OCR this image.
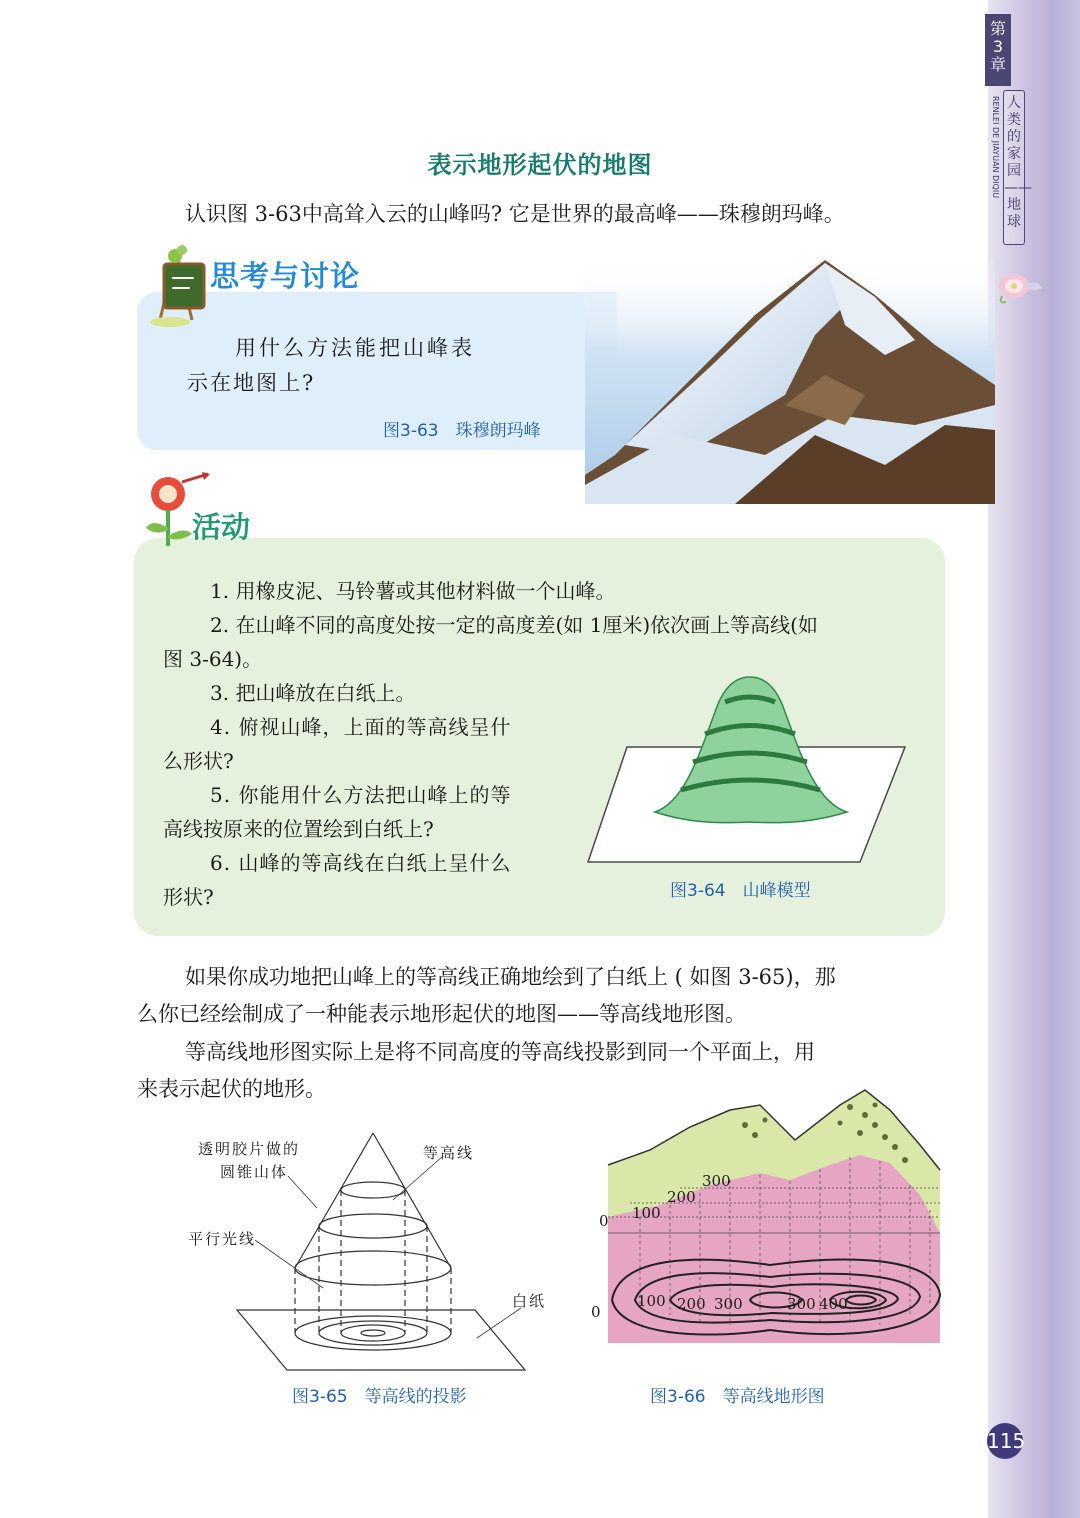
第3章
RENLEI DE JIAYUAN DIQIU 人类的家园——地球
表示地形起伏的地图
认识图 3-63中高耸入云的山峰吗? 它是世界的最高峰——珠穆朗玛峰。
思考与讨论
用什么方法能把山峰表
示在地图上?
图3-63　珠穆朗玛峰
活动
1. 用橡皮泥、马铃薯或其他材料做一个山峰。
2. 在山峰不同的高度处按一定的高度差(如 1厘米)依次画上等高线(如
图 3-64)。
3. 把山峰放在白纸上。
4. 俯视山峰，上面的等高线呈什
么形状?
5. 你能用什么方法把山峰上的等
高线按原来的位置绘到白纸上?
6. 山峰的等高线在白纸上呈什么
形状?	图3-64　山峰模型
如果你成功地把山峰上的等高线正确地绘到了白纸上 ( 如图 3-65)，那
么你已经绘制成了一种能表示地形起伏的地图——等高线地形图。
等高线地形图实际上是将不同高度的等高线投影到同一个平面上，用
来表示起伏的地形。
透明胶片做的
圆锥山体
等高线
平行光线
白纸
图3-65　等高线的投影
0 100
200
300
0
100 200 300	300 400
图3-66　等高线地形图
115
